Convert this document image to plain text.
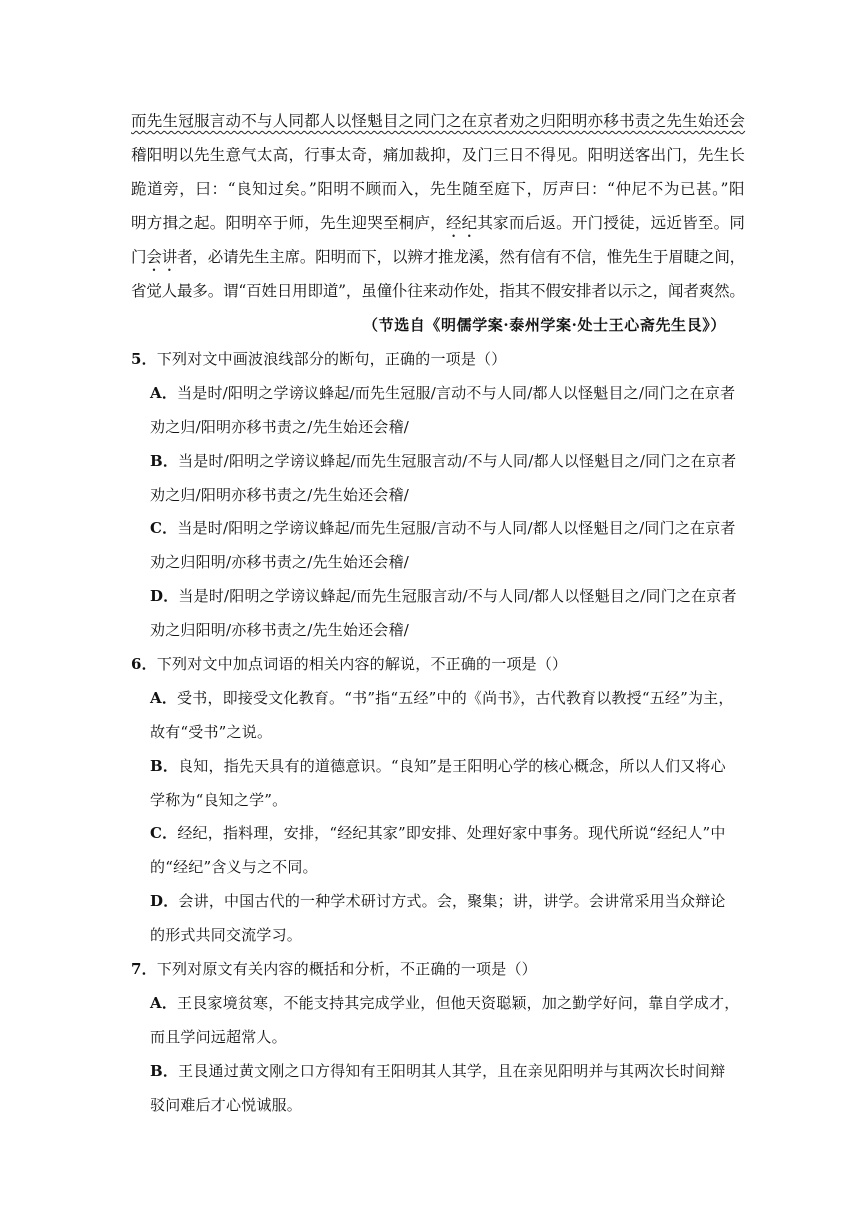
而先生冠服言动不与人同都人以怪魁目之同门之在京者劝之归阳明亦移书责之先生始还会
稽阳明以先生意气太高，行事太奇，痛加裁抑，及门三日不得见。阳明送客出门，先生长
跪道旁，曰：“良知过矣。”阳明不顾而入，先生随至庭下，厉声曰：“仲尼不为已甚。”阳
明方揖之起。阳明卒于师，先生迎哭至桐庐，经纪其家而后返。开门授徒，远近皆至。同
门会讲者，必请先生主席。阳明而下，以辨才推龙溪，然有信有不信，惟先生于眉睫之间，
省觉人最多。谓“百姓日用即道”，虽僮仆往来动作处，指其不假安排者以示之，闻者爽然。
（节选自《明儒学案·泰州学案·处士王心斋先生艮》）
5．下列对文中画波浪线部分的断句，正确的一项是（）
A．当是时/阳明之学谤议蜂起/而先生冠服/言动不与人同/都人以怪魁目之/同门之在京者
劝之归/阳明亦移书责之/先生始还会稽/
B．当是时/阳明之学谤议蜂起/而先生冠服言动/不与人同/都人以怪魁目之/同门之在京者
劝之归/阳明亦移书责之/先生始还会稽/
C．当是时/阳明之学谤议蜂起/而先生冠服/言动不与人同/都人以怪魁目之/同门之在京者
劝之归阳明/亦移书责之/先生始还会稽/
D．当是时/阳明之学谤议蜂起/而先生冠服言动/不与人同/都人以怪魁目之/同门之在京者
劝之归阳明/亦移书责之/先生始还会稽/
6．下列对文中加点词语的相关内容的解说，不正确的一项是（）
A．受书，即接受文化教育。“书”指“五经”中的《尚书》，古代教育以教授“五经”为主，
故有“受书”之说。
B．良知，指先天具有的道德意识。“良知”是王阳明心学的核心概念，所以人们又将心
学称为“良知之学”。
C．经纪，指料理，安排，“经纪其家”即安排、处理好家中事务。现代所说“经纪人”中
的“经纪”含义与之不同。
D．会讲，中国古代的一种学术研讨方式。会，聚集；讲，讲学。会讲常采用当众辩论
的形式共同交流学习。
7．下列对原文有关内容的概括和分析，不正确的一项是（）
A．王艮家境贫寒，不能支持其完成学业，但他天资聪颖，加之勤学好问，靠自学成才，
而且学问远超常人。
B．王艮通过黄文刚之口方得知有王阳明其人其学，且在亲见阳明并与其两次长时间辩
驳问难后才心悦诚服。
